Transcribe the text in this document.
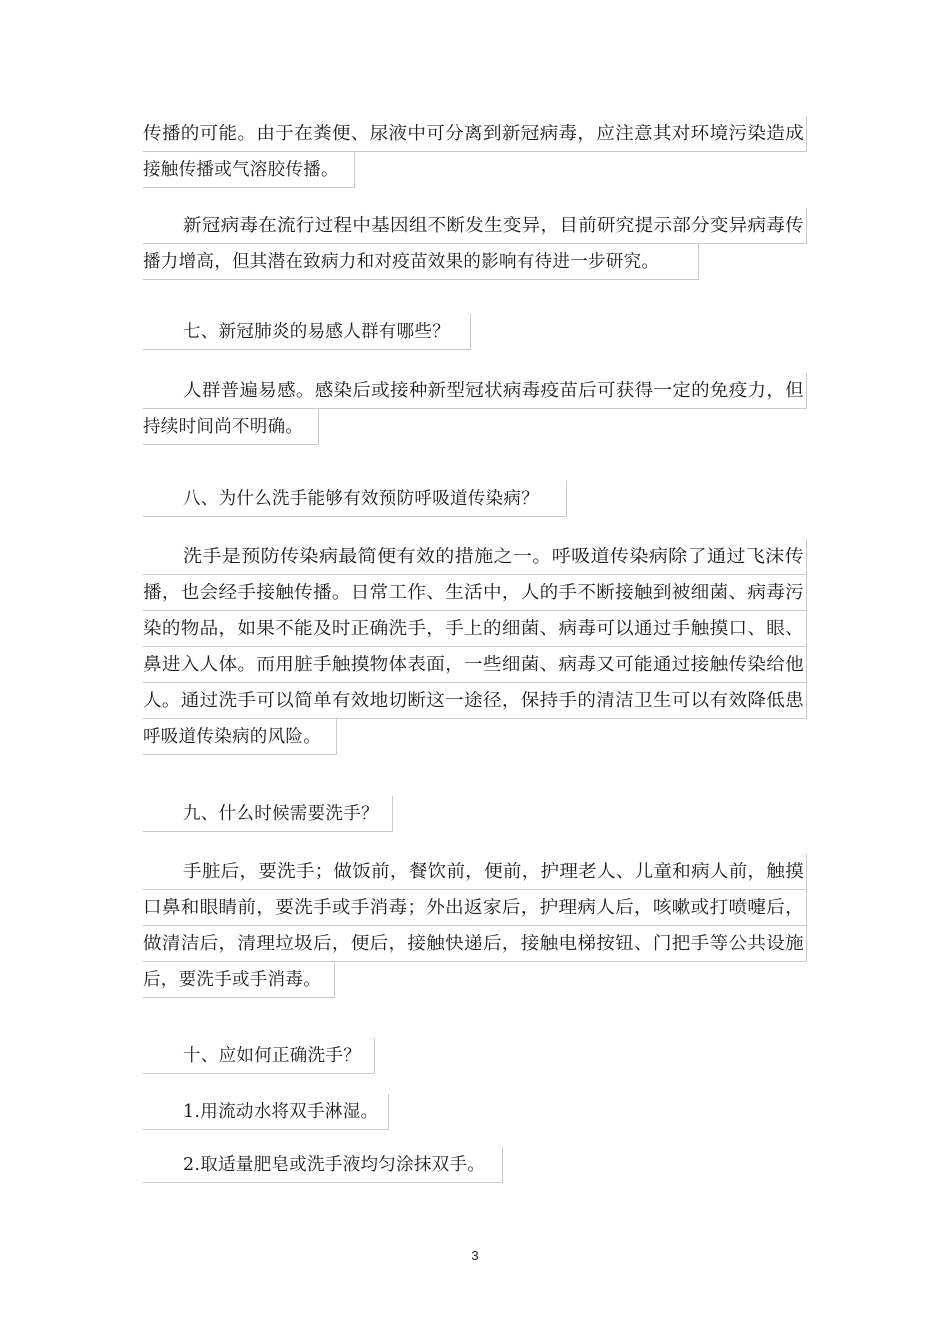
传播的可能。由于在粪便、尿液中可分离到新冠病毒，应注意其对环境污染造成
接触传播或气溶胶传播。
新冠病毒在流行过程中基因组不断发生变异，目前研究提示部分变异病毒传
播力增高，但其潜在致病力和对疫苗效果的影响有待进一步研究。
七、新冠肺炎的易感人群有哪些？
人群普遍易感。感染后或接种新型冠状病毒疫苗后可获得一定的免疫力，但
持续时间尚不明确。
八、为什么洗手能够有效预防呼吸道传染病？
洗手是预防传染病最简便有效的措施之一。呼吸道传染病除了通过飞沫传
播，也会经手接触传播。日常工作、生活中，人的手不断接触到被细菌、病毒污
染的物品，如果不能及时正确洗手，手上的细菌、病毒可以通过手触摸口、眼、
鼻进入人体。而用脏手触摸物体表面，一些细菌、病毒又可能通过接触传染给他
人。通过洗手可以简单有效地切断这一途径，保持手的清洁卫生可以有效降低患
呼吸道传染病的风险。
九、什么时候需要洗手？
手脏后，要洗手；做饭前，餐饮前，便前，护理老人、儿童和病人前，触摸
口鼻和眼睛前，要洗手或手消毒；外出返家后，护理病人后，咳嗽或打喷嚏后，
做清洁后，清理垃圾后，便后，接触快递后，接触电梯按钮、门把手等公共设施
后，要洗手或手消毒。
十、应如何正确洗手？
1.用流动水将双手淋湿。
2.取适量肥皂或洗手液均匀涂抹双手。
3
